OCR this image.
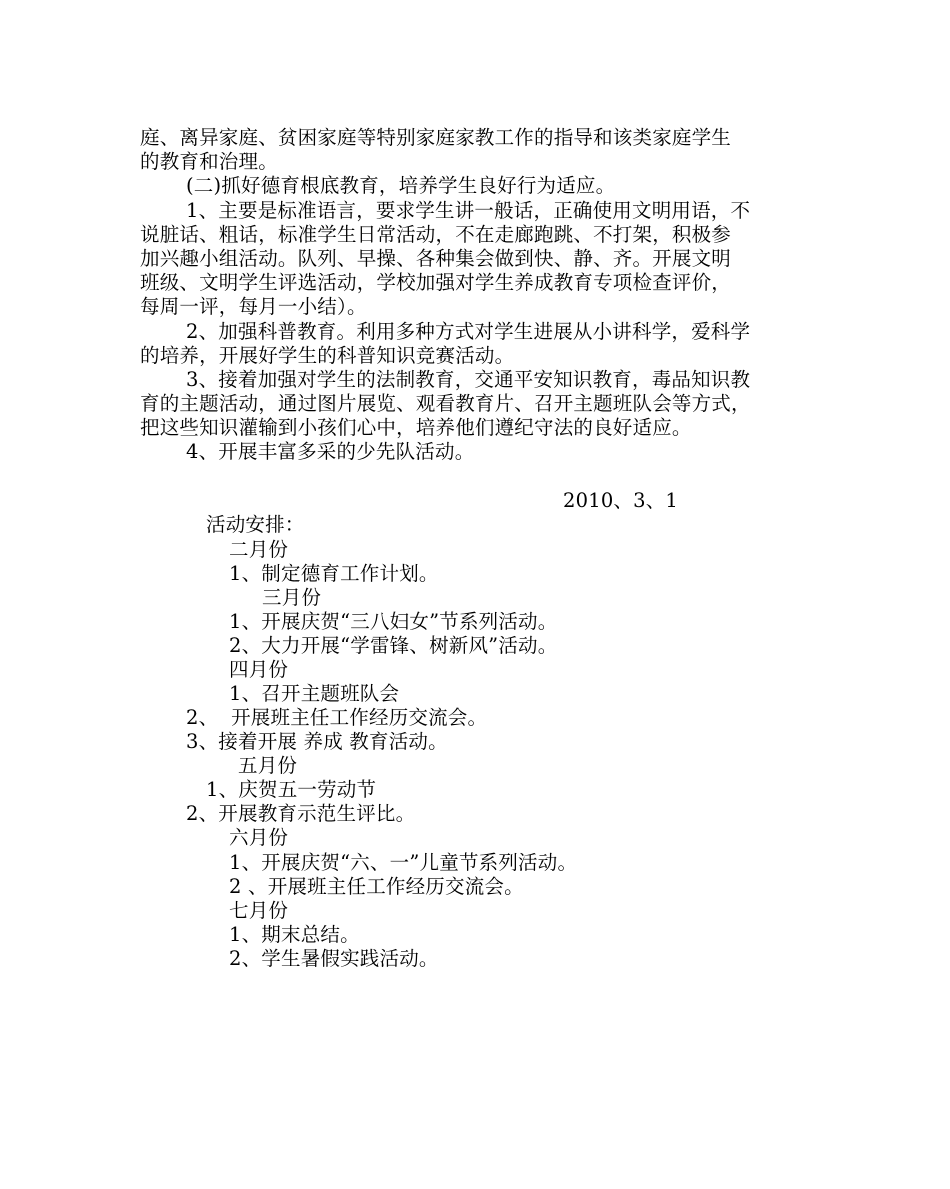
庭、离异家庭、贫困家庭等特别家庭家教工作的指导和该类家庭学生
的教育和治理。
(二)抓好德育根底教育，培养学生良好行为适应。
1、主要是标准语言，要求学生讲一般话，正确使用文明用语，不
说脏话、粗话，标准学生日常活动，不在走廊跑跳、不打架，积极参
加兴趣小组活动。队列、早操、各种集会做到快、静、齐。开展文明
班级、文明学生评选活动，学校加强对学生养成教育专项检查评价，
每周一评，每月一小结）。
2、加强科普教育。利用多种方式对学生进展从小讲科学，爱科学
的培养，开展好学生的科普知识竞赛活动。
3、接着加强对学生的法制教育，交通平安知识教育，毒品知识教
育的主题活动，通过图片展览、观看教育片、召开主题班队会等方式，
把这些知识灌输到小孩们心中，培养他们遵纪守法的良好适应。
4、开展丰富多采的少先队活动。
2010、3、1
活动安排：
二月份
1、制定德育工作计划。
三月份
1、开展庆贺“三八妇女”节系列活动。
2、大力开展“学雷锋、树新风”活动。
四月份
1、召开主题班队会
2、  开展班主任工作经历交流会。
3、接着开展 养成 教育活动。
五月份
1、庆贺五一劳动节
2、开展教育示范生评比。
六月份
1、开展庆贺“六、一”儿童节系列活动。
2 、开展班主任工作经历交流会。
七月份
1、期末总结。
2、学生暑假实践活动。
